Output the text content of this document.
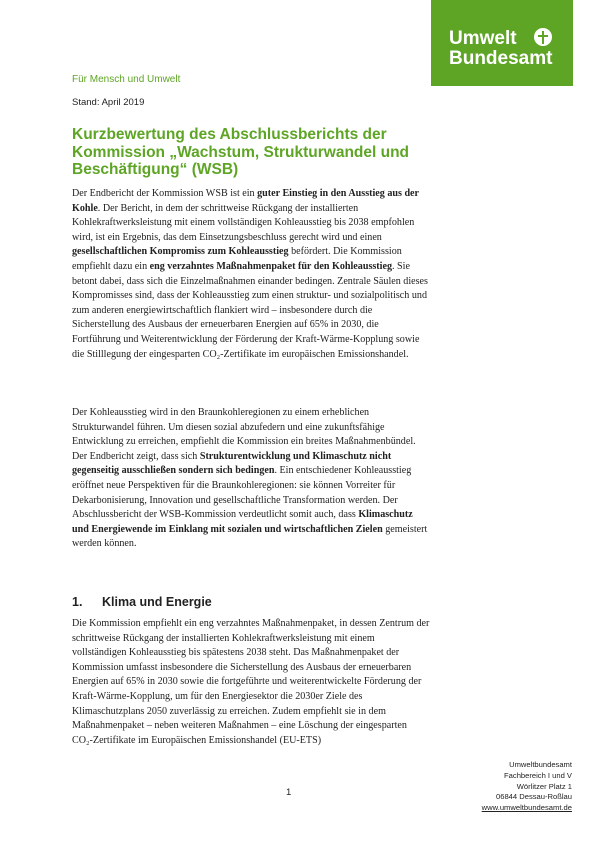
Umwelt
Bundesamt
Für Mensch und Umwelt
Stand: April 2019
Kurzbewertung des Abschlussberichts der Kommission „Wachstum, Strukturwandel und Beschäftigung“ (WSB)

Der Endbericht der Kommission WSB ist ein guter Einstieg in den Ausstieg aus der Kohle. Der Bericht, in dem der schrittweise Rückgang der installierten Kohlekraftwerksleistung mit einem vollständigen Kohleausstieg bis 2038 empfohlen wird, ist ein Ergebnis, das dem Einsetzungsbeschluss gerecht wird und einen gesellschaftlichen Kompromiss zum Kohleausstieg befördert. Die Kommission empfiehlt dazu ein eng verzahntes Maßnahmenpaket für den Kohleausstieg. Sie betont dabei, dass sich die Einzelmaßnahmen einander bedingen. Zentrale Säulen dieses Kompromisses sind, dass der Kohleausstieg zum einen struktur- und sozialpolitisch und zum anderen energiewirtschaftlich flankiert wird – insbesondere durch die Sicherstellung des Ausbaus der erneuerbaren Energien auf 65% in 2030, die Fortführung und Weiterentwicklung der Förderung der Kraft-Wärme-Kopplung sowie die Stilllegung der eingesparten CO₂-Zertifikate im europäischen Emissionshandel.

Der Kohleausstieg wird in den Braunkohleregionen zu einem erheblichen Strukturwandel führen. Um diesen sozial abzufedern und eine zukunftsfähige Entwicklung zu erreichen, empfiehlt die Kommission ein breites Maßnahmenbündel. Der Endbericht zeigt, dass sich Strukturentwicklung und Klimaschutz nicht gegenseitig ausschließen sondern sich bedingen. Ein entschiedener Kohleausstieg eröffnet neue Perspektiven für die Braunkohleregionen: sie können Vorreiter für Dekarbonisierung, Innovation und gesellschaftliche Transformation werden. Der Abschlussbericht der WSB-Kommission verdeutlicht somit auch, dass Klimaschutz und Energiewende im Einklang mit sozialen und wirtschaftlichen Zielen gemeistert werden können.

1. Klima und Energie

Die Kommission empfiehlt ein eng verzahntes Maßnahmenpaket, in dessen Zentrum der schrittweise Rückgang der installierten Kohlekraftwerksleistung mit einem vollständigen Kohleausstieg bis spätestens 2038 steht. Das Maßnahmenpaket der Kommission umfasst insbesondere die Sicherstellung des Ausbaus der erneuerbaren Energien auf 65% in 2030 sowie die fortgeführte und weiterentwickelte Förderung der Kraft-Wärme-Kopplung, um für den Energiesektor die 2030er Ziele des Klimaschutzplans 2050 zuverlässig zu erreichen. Zudem empfiehlt sie in dem Maßnahmenpaket – neben weiteren Maßnahmen – eine Löschung der eingesparten CO₂-Zertifikate im Europäischen Emissionshandel (EU-ETS)

1
Umweltbundesamt
Fachbereich I und V
Wörlitzer Platz 1
06844 Dessau-Roßlau
www.umweltbundesamt.de
